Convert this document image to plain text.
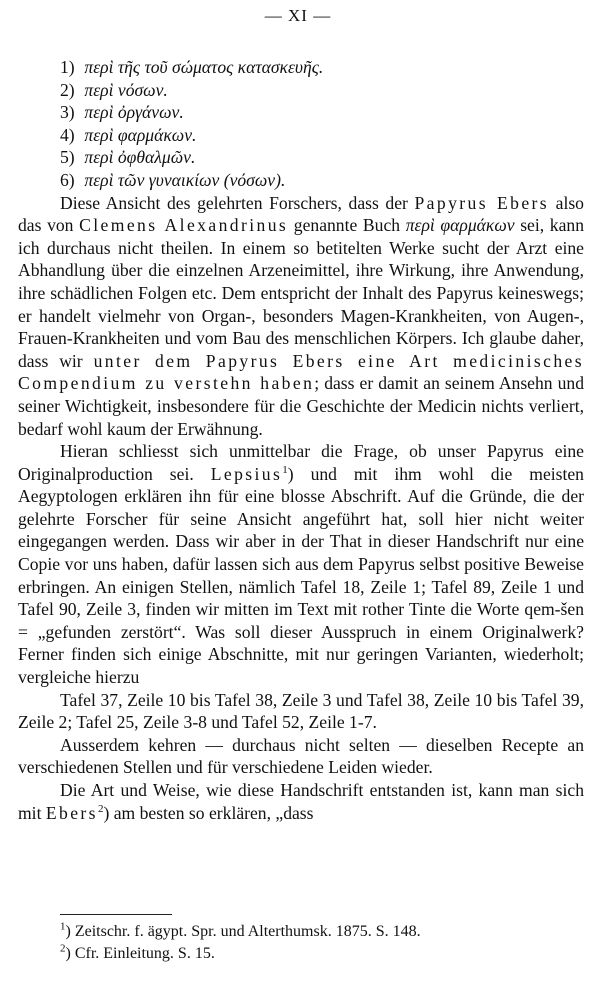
— XI —
1) περὶ τῆς τοῦ σώματος κατασκευῆς.
2) περὶ νόσων.
3) περὶ ὀργάνων.
4) περὶ φαρμάκων.
5) περὶ ὀφθαλμῶν.
6) περὶ τῶν γυναικίων (νόσων).

Diese Ansicht des gelehrten Forschers, dass der Papyrus Ebers also das von Clemens Alexandrinus genannte Buch περὶ φαρμάκων sei, kann ich durchaus nicht theilen. In einem so betitelten Werke sucht der Arzt eine Abhandlung über die einzelnen Arzeneimittel, ihre Wirkung, ihre Anwendung, ihre schädlichen Folgen etc. Dem entspricht der Inhalt des Papyrus keineswegs; er handelt vielmehr von Organ-, besonders Magen-Krankheiten, von Augen-, Frauen-Krankheiten und vom Bau des menschlichen Körpers. Ich glaube daher, dass wir unter dem Papyrus Ebers eine Art medicinisches Compendium zu verstehn haben; dass er damit an seinem Ansehn und seiner Wichtigkeit, insbesondere für die Geschichte der Medicin nichts verliert, bedarf wohl kaum der Erwähnung.

Hieran schliesst sich unmittelbar die Frage, ob unser Papyrus eine Originalproduction sei. Lepsius$^1$) und mit ihm wohl die meisten Aegyptologen erklären ihn für eine blosse Abschrift. Auf die Gründe, die der gelehrte Forscher für seine Ansicht angeführt hat, soll hier nicht weiter eingegangen werden. Dass wir aber in der That in dieser Handschrift nur eine Copie vor uns haben, dafür lassen sich aus dem Papyrus selbst positive Beweise erbringen. An einigen Stellen, nämlich Tafel 18, Zeile 1; Tafel 89, Zeile 1 und Tafel 90, Zeile 3, finden wir mitten im Text mit rother Tinte die Worte qem-šen = „gefunden zerstört“. Was soll dieser Ausspruch in einem Originalwerk? Ferner finden sich einige Abschnitte, mit nur geringen Varianten, wiederholt; vergleiche hierzu

Tafel 37, Zeile 10 bis Tafel 38, Zeile 3 und Tafel 38, Zeile 10 bis Tafel 39, Zeile 2; Tafel 25, Zeile 3-8 und Tafel 52, Zeile 1-7.

Ausserdem kehren — durchaus nicht selten — dieselben Recepte an verschiedenen Stellen und für verschiedene Leiden wieder.

Die Art und Weise, wie diese Handschrift entstanden ist, kann man sich mit Ebers$^2$) am besten so erklären, „dass

$^1$) Zeitschr. f. ägypt. Spr. und Alterthumsk. 1875. S. 148.
$^2$) Cfr. Einleitung. S. 15.
